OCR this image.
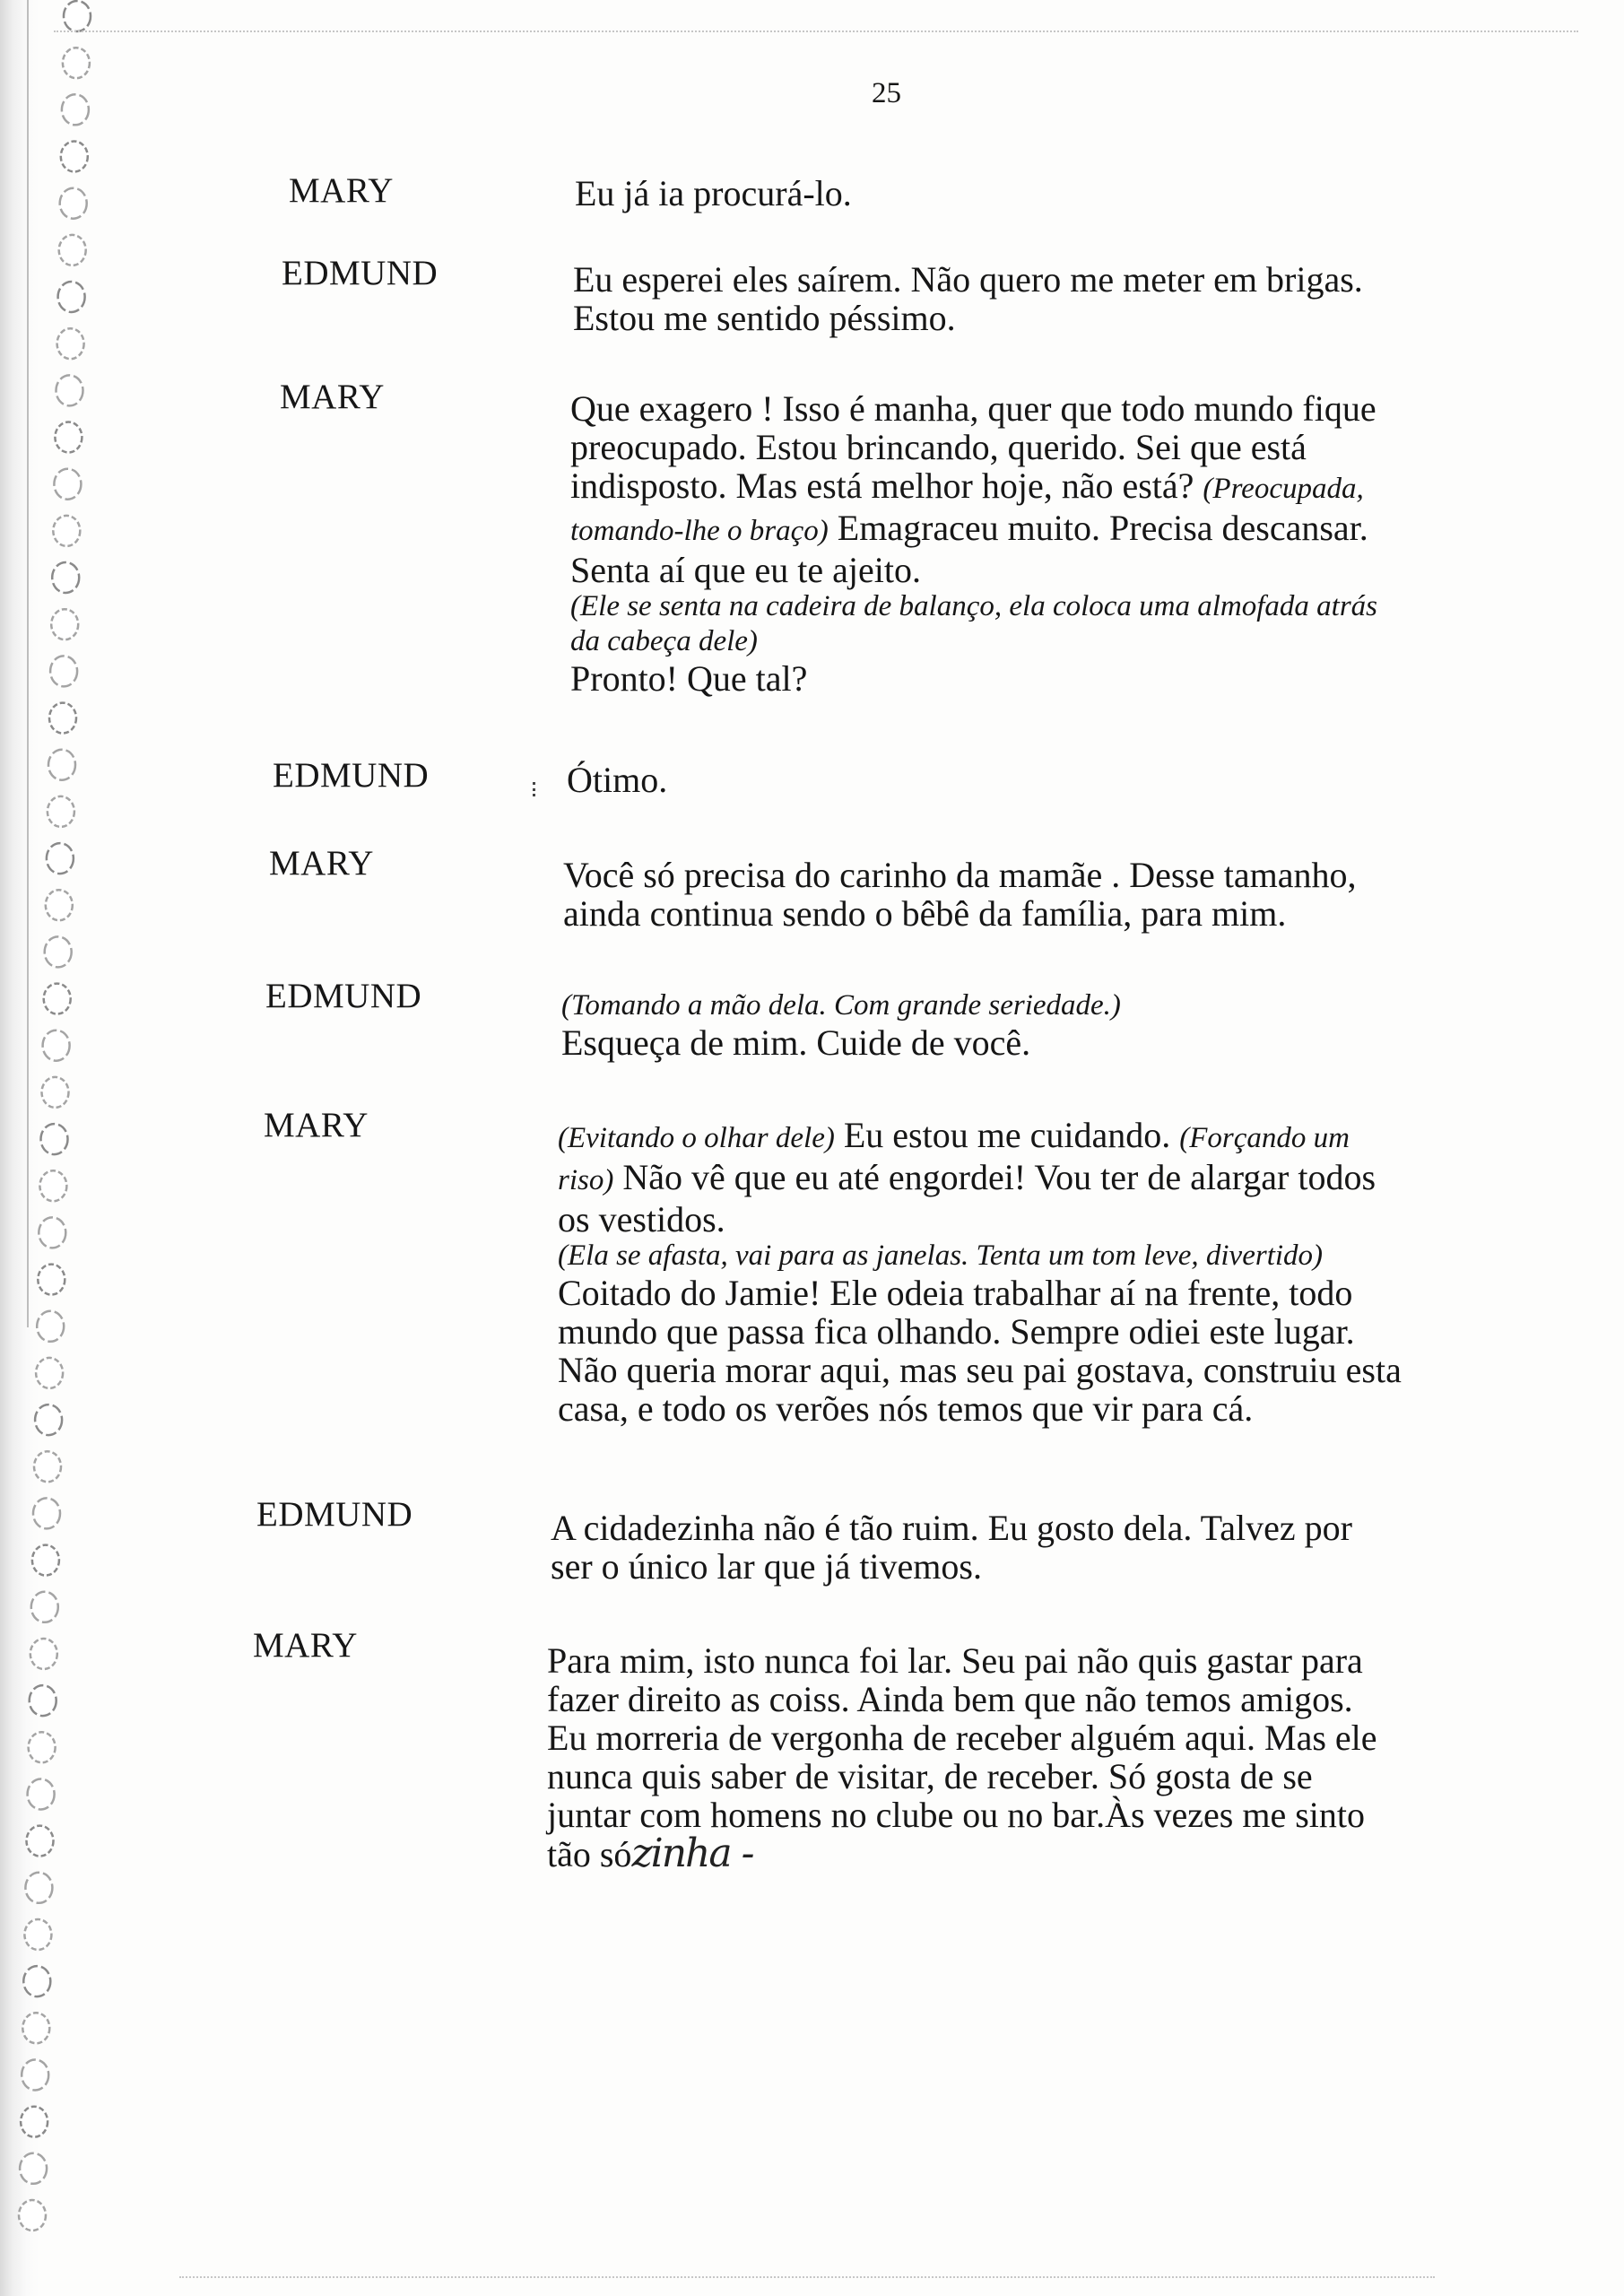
25
MARY	Eu já ia procurá-lo.
EDMUND	Eu esperei eles saírem. Não quero me meter em brigas.
Estou me sentido péssimo.
MARY	Que exagero ! Isso é manha, quer que todo mundo fique
preocupado. Estou brincando, querido. Sei que está
indisposto. Mas está melhor hoje, não está? (Preocupada,
tomando-lhe o braço) Emagraceu muito. Precisa descansar.
Senta aí que eu te ajeito.
(Ele se senta na cadeira de balanço, ela coloca uma almofada atrás
da cabeça dele)
Pronto! Que tal?
EDMUND	Ótimo.
MARY	Você só precisa do carinho da mamãe . Desse tamanho,
ainda continua sendo o bêbê da família, para mim.
EDMUND	(Tomando a mão dela. Com grande seriedade.)
Esqueça de mim. Cuide de você.
MARY	(Evitando o olhar dele) Eu estou me cuidando. (Forçando um
riso) Não vê que eu até engordei! Vou ter de alargar todos
os vestidos.
(Ela se afasta, vai para as janelas. Tenta um tom leve, divertido)
Coitado do Jamie! Ele odeia trabalhar aí na frente, todo
mundo que passa fica olhando. Sempre odiei este lugar.
Não queria morar aqui, mas seu pai gostava, construiu esta
casa, e todo os verões nós temos que vir para cá.
EDMUND	A cidadezinha não é tão ruim. Eu gosto dela. Talvez por
ser o único lar que já tivemos.
MARY	Para mim, isto nunca foi lar. Seu pai não quis gastar para
fazer direito as coiss. Ainda bem que não temos amigos.
Eu morreria de vergonha de receber alguém aqui. Mas ele
nunca quis saber de visitar, de receber. Só gosta de se
juntar com homens no clube ou no bar.Às vezes me sinto
tão sózinha -
